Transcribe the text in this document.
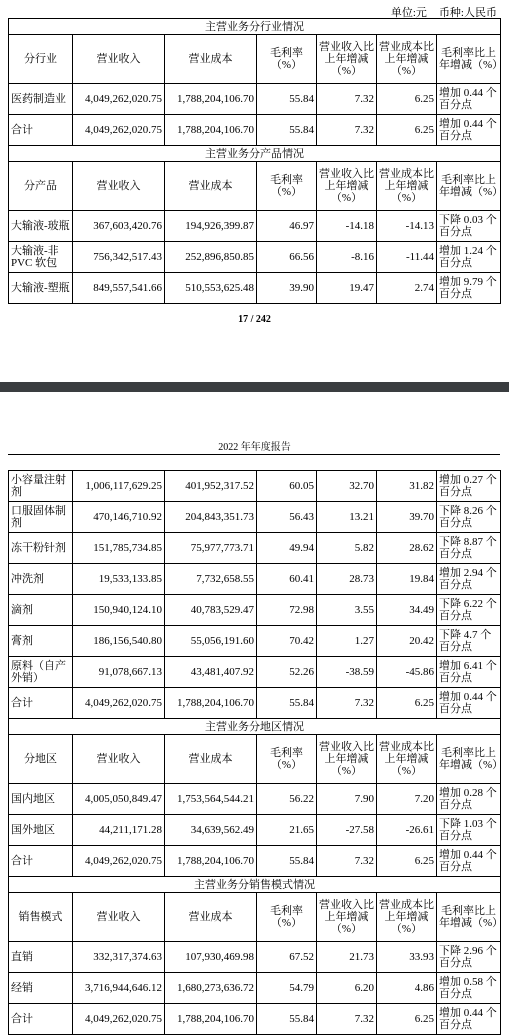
单位:元 币种:人民币
主营业务分行业情况						
分行业	营业收入	营业成本	毛利率（%）	营业收入比上年增减（%）	营业成本比上年增减（%）	毛利率比上年增减（%）
医药制造业	4,049,262,020.75	1,788,204,106.70	55.84	7.32	6.25	增加 0.44 个百分点
合计	4,049,262,020.75	1,788,204,106.70	55.84	7.32	6.25	增加 0.44 个百分点
主营业务分产品情况						
分产品	营业收入	营业成本	毛利率（%）	营业收入比上年增减（%）	营业成本比上年增减（%）	毛利率比上年增减（%）
大输液-玻瓶	367,603,420.76	194,926,399.87	46.97	-14.18	-14.13	下降 0.03 个百分点
大输液-非PVC 软包	756,342,517.43	252,896,850.85	66.56	-8.16	-11.44	增加 1.24 个百分点
大输液-塑瓶	849,557,541.66	510,553,625.48	39.90	19.47	2.74	增加 9.79 个百分点
17 / 242
2022 年年度报告
小容量注射剂	1,006,117,629.25	401,952,317.52	60.05	32.70	31.82	增加 0.27 个百分点
口服固体制剂	470,146,710.92	204,843,351.73	56.43	13.21	39.70	下降 8.26 个百分点
冻干粉针剂	151,785,734.85	75,977,773.71	49.94	5.82	28.62	下降 8.87 个百分点
冲洗剂	19,533,133.85	7,732,658.55	60.41	28.73	19.84	增加 2.94 个百分点
滴剂	150,940,124.10	40,783,529.47	72.98	3.55	34.49	下降 6.22 个百分点
膏剂	186,156,540.80	55,056,191.60	70.42	1.27	20.42	下降 4.7 个百分点
原料（自产外销）	91,078,667.13	43,481,407.92	52.26	-38.59	-45.86	增加 6.41 个百分点
合计	4,049,262,020.75	1,788,204,106.70	55.84	7.32	6.25	增加 0.44 个百分点
主营业务分地区情况						
分地区	营业收入	营业成本	毛利率（%）	营业收入比上年增减（%）	营业成本比上年增减（%）	毛利率比上年增减（%）
国内地区	4,005,050,849.47	1,753,564,544.21	56.22	7.90	7.20	增加 0.28 个百分点
国外地区	44,211,171.28	34,639,562.49	21.65	-27.58	-26.61	下降 1.03 个百分点
合计	4,049,262,020.75	1,788,204,106.70	55.84	7.32	6.25	增加 0.44 个百分点
主营业务分销售模式情况						
销售模式	营业收入	营业成本	毛利率（%）	营业收入比上年增减（%）	营业成本比上年增减（%）	毛利率比上年增减（%）
直销	332,317,374.63	107,930,469.98	67.52	21.73	33.93	下降 2.96 个百分点
经销	3,716,944,646.12	1,680,273,636.72	54.79	6.20	4.86	增加 0.58 个百分点
合计	4,049,262,020.75	1,788,204,106.70	55.84	7.32	6.25	增加 0.44 个百分点
